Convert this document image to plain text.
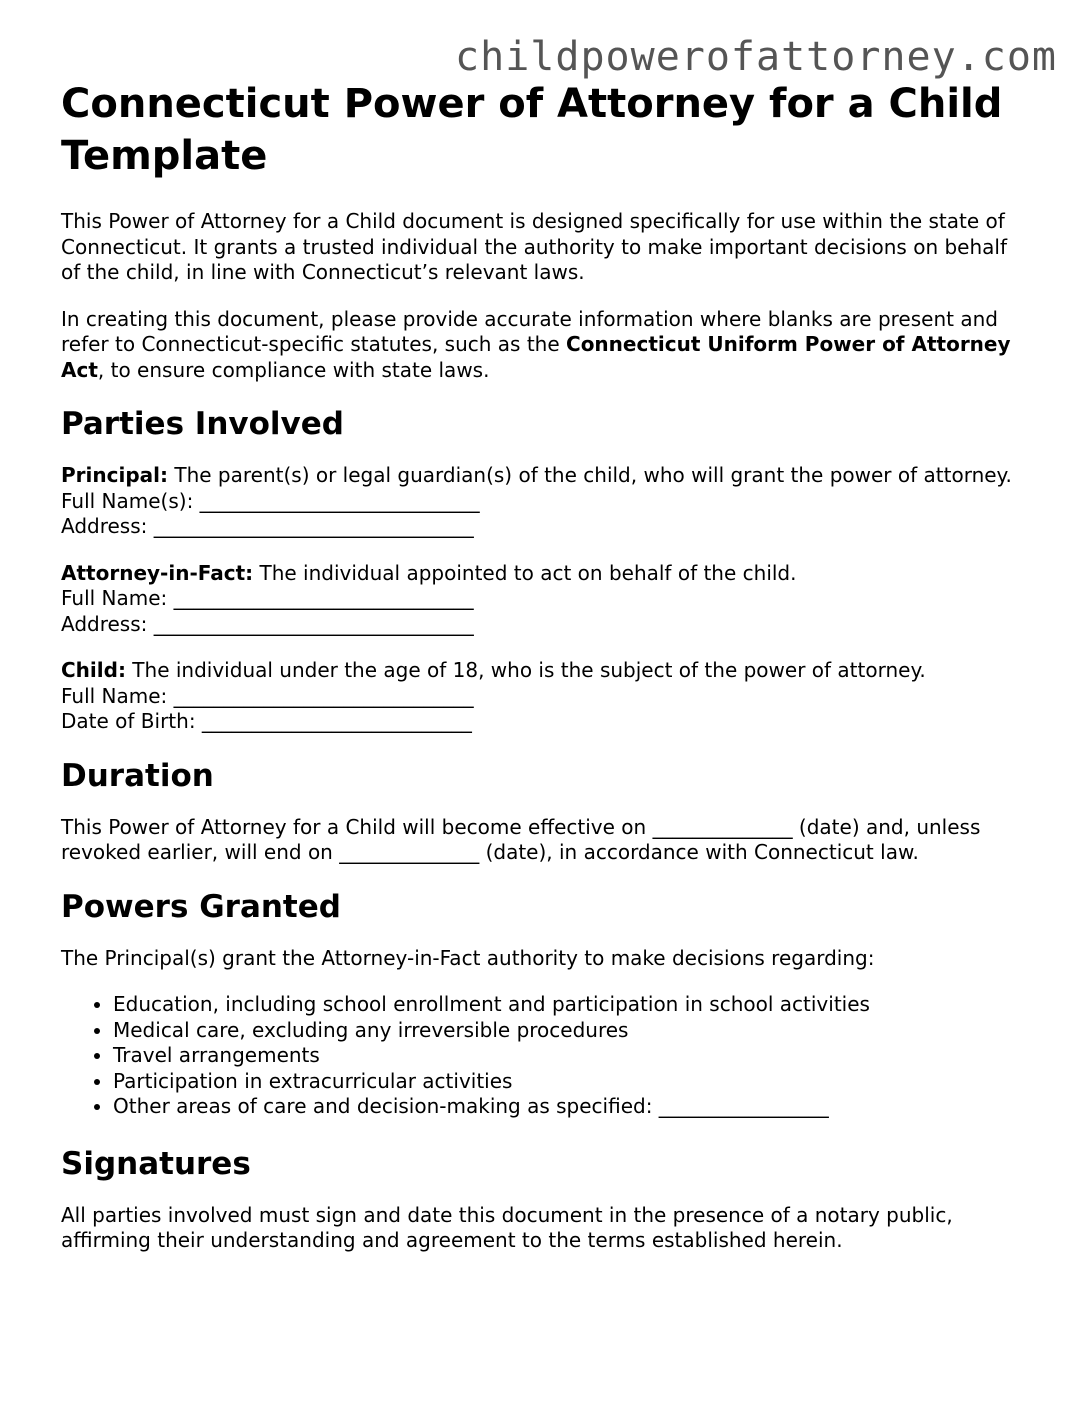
childpowerofattorney.com
Connecticut Power of Attorney for a Child Template

This Power of Attorney for a Child document is designed specifically for use within the state of Connecticut. It grants a trusted individual the authority to make important decisions on behalf of the child, in line with Connecticut’s relevant laws.

In creating this document, please provide accurate information where blanks are present and refer to Connecticut-specific statutes, such as the Connecticut Uniform Power of Attorney Act, to ensure compliance with state laws.

Parties Involved

Principal: The parent(s) or legal guardian(s) of the child, who will grant the power of attorney.
Full Name(s): ____________________________
Address: ________________________________

Attorney-in-Fact: The individual appointed to act on behalf of the child.
Full Name: ______________________________
Address: ________________________________

Child: The individual under the age of 18, who is the subject of the power of attorney.
Full Name: ______________________________
Date of Birth: ___________________________

Duration

This Power of Attorney for a Child will become effective on ______________ (date) and, unless revoked earlier, will end on ______________ (date), in accordance with Connecticut law.

Powers Granted

The Principal(s) grant the Attorney-in-Fact authority to make decisions regarding:

• Education, including school enrollment and participation in school activities
• Medical care, excluding any irreversible procedures
• Travel arrangements
• Participation in extracurricular activities
• Other areas of care and decision-making as specified: _________________
Signatures

All parties involved must sign and date this document in the presence of a notary public, affirming their understanding and agreement to the terms established herein.
